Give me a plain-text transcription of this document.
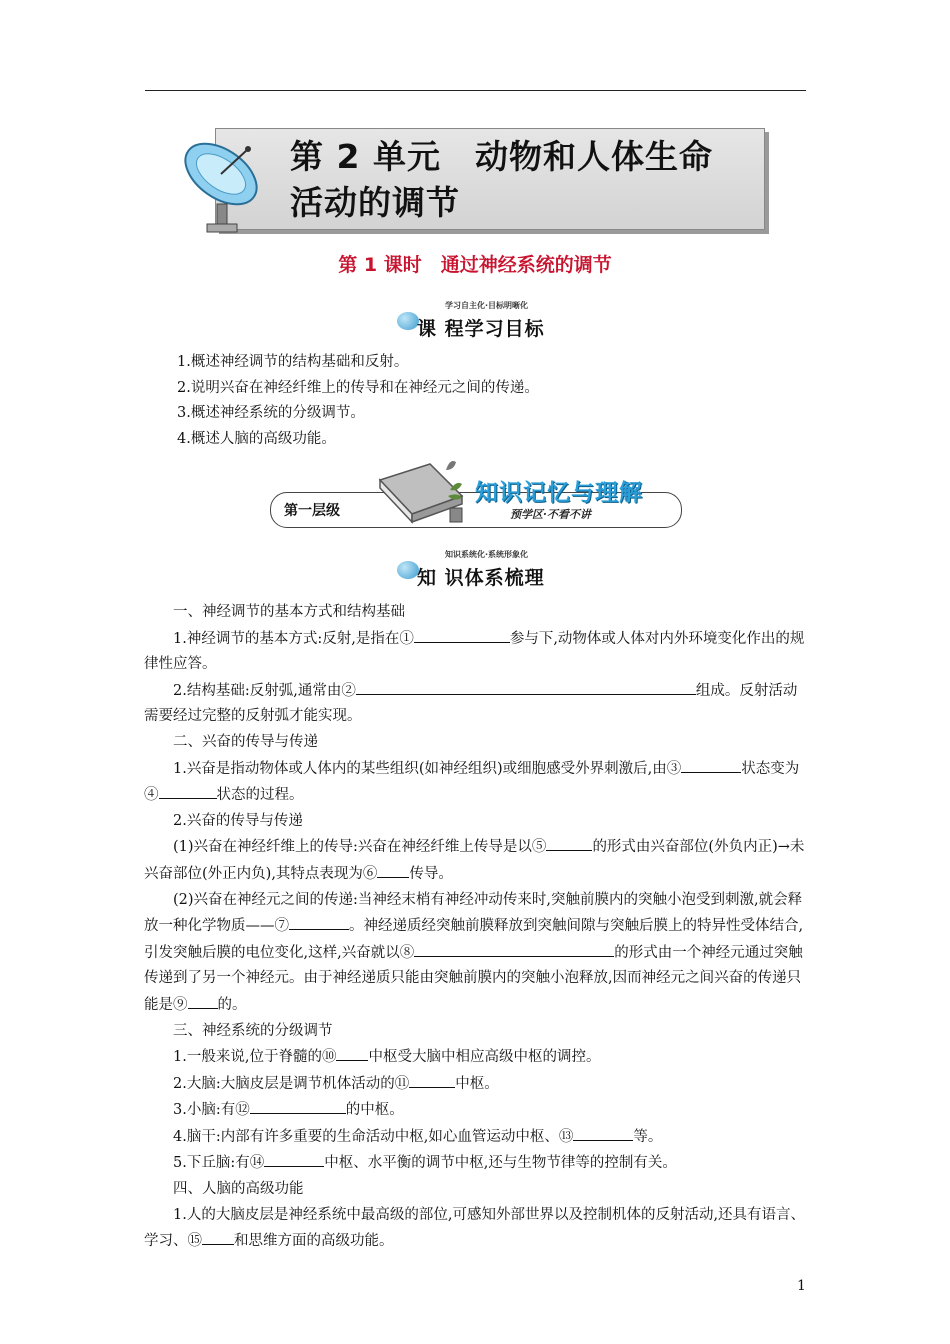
第 2 单元　动物和人体生命
活动的调节
第 1 课时　通过神经系统的调节
学习自主化·目标明晰化
课 程学习目标
1.概述神经调节的结构基础和反射。
2.说明兴奋在神经纤维上的传导和在神经元之间的传递。
3.概述神经系统的分级调节。
4.概述人脑的高级功能。
第一层级
知识记忆与理解
预学区·不看不讲
知识系统化·系统形象化
知 识体系梳理

一、神经调节的基本方式和结构基础

1.神经调节的基本方式:反射,是指在①	参与下,动物体或人体对内外环境变化作出的规律性应答。

2.结构基础:反射弧,通常由②	组成。反射活动需要经过完整的反射弧才能实现。

二、兴奋的传导与传递

1.兴奋是指动物体或人体内的某些组织(如神经组织)或细胞感受外界刺激后,由③	状态变为④	状态的过程。

2.兴奋的传导与传递

(1)兴奋在神经纤维上的传导:兴奋在神经纤维上传导是以⑤	的形式由兴奋部位(外负内正)→未兴奋部位(外正内负),其特点表现为⑥ 传导。

(2)兴奋在神经元之间的传递:当神经末梢有神经冲动传来时,突触前膜内的突触小泡受到刺激,就会释放一种化学物质——⑦	。神经递质经突触前膜释放到突触间隙与突触后膜上的特异性受体结合,引发突触后膜的电位变化,这样,兴奋就以⑧	的形式由一个神经元通过突触传递到了另一个神经元。由于神经递质只能由突触前膜内的突触小泡释放,因而神经元之间兴奋的传递只能是⑨ 的。

三、神经系统的分级调节

1.一般来说,位于脊髓的⑩ 中枢受大脑中相应高级中枢的调控。

2.大脑:大脑皮层是调节机体活动的⑪	中枢。

3.小脑:有⑫	的中枢。

4.脑干:内部有许多重要的生命活动中枢,如心血管运动中枢、⑬	等。

5.下丘脑:有⑭	中枢、水平衡的调节中枢,还与生物节律等的控制有关。

四、人脑的高级功能

1.人的大脑皮层是神经系统中最高级的部位,可感知外部世界以及控制机体的反射活动,还具有语言、学习、⑮ 和思维方面的高级功能。

1
